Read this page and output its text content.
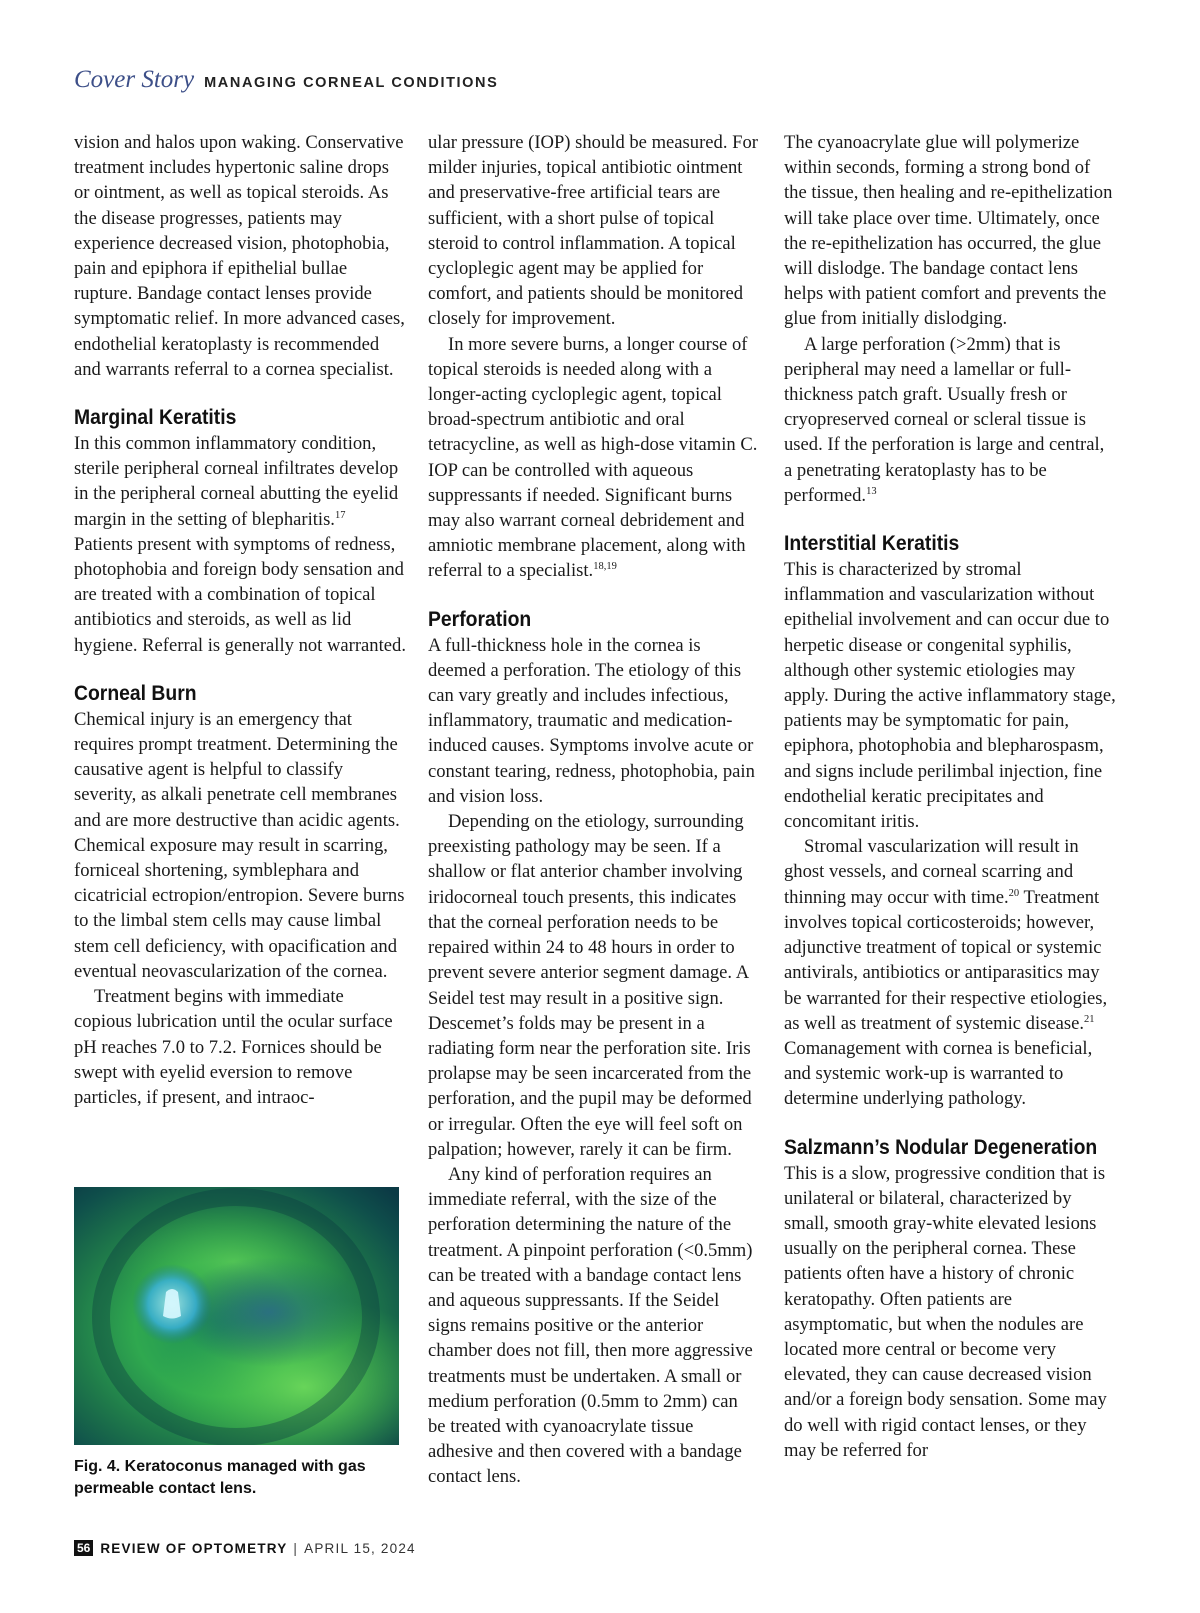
Cover Story MANAGING CORNEAL CONDITIONS

vision and halos upon waking. Conservative treatment includes hypertonic saline drops or ointment, as well as topical steroids. As the disease progresses, patients may experience decreased vision, photophobia, pain and epiphora if epithelial bullae rupture. Bandage contact lenses provide symptomatic relief. In more advanced cases, endothelial keratoplasty is recommended and warrants referral to a cornea specialist.

Marginal Keratitis

In this common inflammatory condition, sterile peripheral corneal infiltrates develop in the peripheral corneal abutting the eyelid margin in the setting of blepharitis.$^{17}$ Patients present with symptoms of redness, photophobia and foreign body sensation and are treated with a combination of topical antibiotics and steroids, as well as lid hygiene. Referral is generally not warranted.

Corneal Burn

Chemical injury is an emergency that requires prompt treatment. Determining the causative agent is helpful to classify severity, as alkali penetrate cell membranes and are more destructive than acidic agents. Chemical exposure may result in scarring, forniceal shortening, symblephara and cicatricial ectropion/entropion. Severe burns to the limbal stem cells may cause limbal stem cell deficiency, with opacification and eventual neovascularization of the cornea.

Treatment begins with immediate copious lubrication until the ocular surface pH reaches 7.0 to 7.2. Fornices should be swept with eyelid eversion to remove particles, if present, and intraoc-

Fig. 4. Keratoconus managed with gas permeable contact lens.

ular pressure (IOP) should be measured. For milder injuries, topical antibiotic ointment and preservative-free artificial tears are sufficient, with a short pulse of topical steroid to control inflammation. A topical cycloplegic agent may be applied for comfort, and patients should be monitored closely for improvement.

In more severe burns, a longer course of topical steroids is needed along with a longer-acting cycloplegic agent, topical broad-spectrum antibiotic and oral tetracycline, as well as high-dose vitamin C. IOP can be controlled with aqueous suppressants if needed. Significant burns may also warrant corneal debridement and amniotic membrane placement, along with referral to a specialist.$^{18,19}$

Perforation

A full-thickness hole in the cornea is deemed a perforation. The etiology of this can vary greatly and includes infectious, inflammatory, traumatic and medication-induced causes. Symptoms involve acute or constant tearing, redness, photophobia, pain and vision loss.

Depending on the etiology, surrounding preexisting pathology may be seen. If a shallow or flat anterior chamber involving iridocorneal touch presents, this indicates that the corneal perforation needs to be repaired within 24 to 48 hours in order to prevent severe anterior segment damage. A Seidel test may result in a positive sign. Descemet’s folds may be present in a radiating form near the perforation site. Iris prolapse may be seen incarcerated from the perforation, and the pupil may be deformed or irregular. Often the eye will feel soft on palpation; however, rarely it can be firm.

Any kind of perforation requires an immediate referral, with the size of the perforation determining the nature of the treatment. A pinpoint perforation (<0.5mm) can be treated with a bandage contact lens and aqueous suppressants. If the Seidel signs remains positive or the anterior chamber does not fill, then more aggressive treatments must be undertaken. A small or medium perforation (0.5mm to 2mm) can be treated with cyanoacrylate tissue adhesive and then covered with a bandage contact lens.

The cyanoacrylate glue will polymerize within seconds, forming a strong bond of the tissue, then healing and re-epithelization will take place over time. Ultimately, once the re-epithelization has occurred, the glue will dislodge. The bandage contact lens helps with patient comfort and prevents the glue from initially dislodging.

A large perforation (>2mm) that is peripheral may need a lamellar or full-thickness patch graft. Usually fresh or cryopreserved corneal or scleral tissue is used. If the perforation is large and central, a penetrating keratoplasty has to be performed.$^{13}$

Interstitial Keratitis

This is characterized by stromal inflammation and vascularization without epithelial involvement and can occur due to herpetic disease or congenital syphilis, although other systemic etiologies may apply. During the active inflammatory stage, patients may be symptomatic for pain, epiphora, photophobia and blepharospasm, and signs include perilimbal injection, fine endothelial keratic precipitates and concomitant iritis.

Stromal vascularization will result in ghost vessels, and corneal scarring and thinning may occur with time.$^{20}$ Treatment involves topical corticosteroids; however, adjunctive treatment of topical or systemic antivirals, antibiotics or antiparasitics may be warranted for their respective etiologies, as well as treatment of systemic disease.$^{21}$ Comanagement with cornea is beneficial, and systemic work-up is warranted to determine underlying pathology.

Salzmann’s Nodular Degeneration

This is a slow, progressive condition that is unilateral or bilateral, characterized by small, smooth gray-white elevated lesions usually on the peripheral cornea. These patients often have a history of chronic keratopathy. Often patients are asymptomatic, but when the nodules are located more central or become very elevated, they can cause decreased vision and/or a foreign body sensation. Some may do well with rigid contact lenses, or they may be referred for

56 REVIEW OF OPTOMETRY | APRIL 15, 2024
